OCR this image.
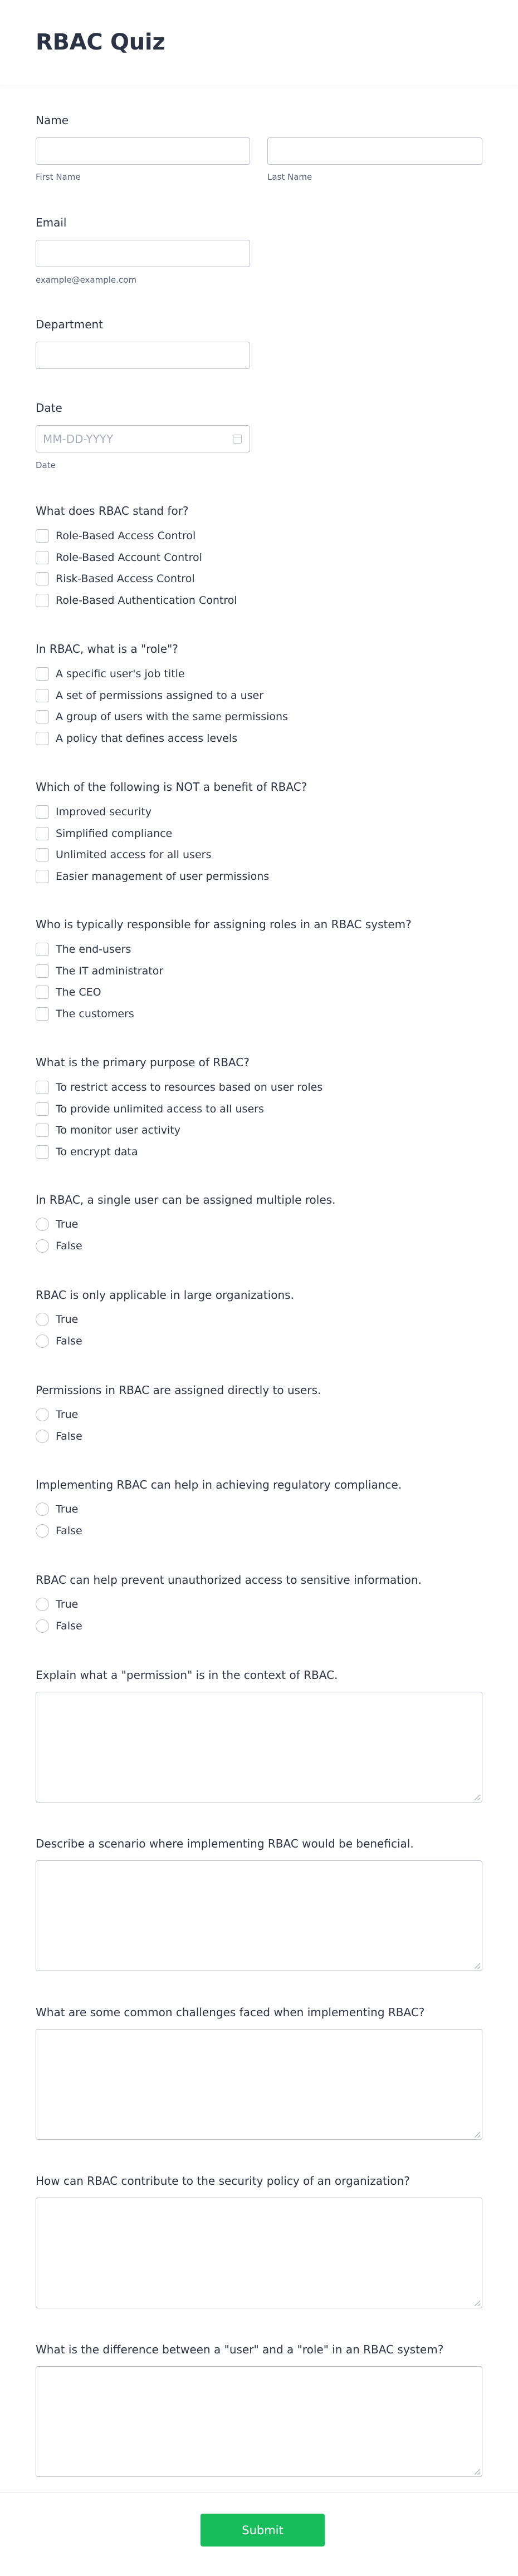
RBAC Quiz
Name
First Name	Last Name
Email
example@example.com
Department
Date
MM-DD-YYYY
Date
What does RBAC stand for?
Role-Based Access Control
Role-Based Account Control
Risk-Based Access Control
Role-Based Authentication Control
In RBAC, what is a "role"?
A specific user's job title
A set of permissions assigned to a user
A group of users with the same permissions
A policy that defines access levels
Which of the following is NOT a benefit of RBAC?
Improved security
Simplified compliance
Unlimited access for all users
Easier management of user permissions
Who is typically responsible for assigning roles in an RBAC system?
The end-users
The IT administrator
The CEO
The customers
What is the primary purpose of RBAC?
To restrict access to resources based on user roles
To provide unlimited access to all users
To monitor user activity
To encrypt data
In RBAC, a single user can be assigned multiple roles.
True
False
RBAC is only applicable in large organizations.
True
False
Permissions in RBAC are assigned directly to users.
True
False
Implementing RBAC can help in achieving regulatory compliance.
True
False
RBAC can help prevent unauthorized access to sensitive information.
True
False
Explain what a "permission" is in the context of RBAC.
Describe a scenario where implementing RBAC would be beneficial.
What are some common challenges faced when implementing RBAC?
How can RBAC contribute to the security policy of an organization?
What is the difference between a "user" and a "role" in an RBAC system?
Submit
